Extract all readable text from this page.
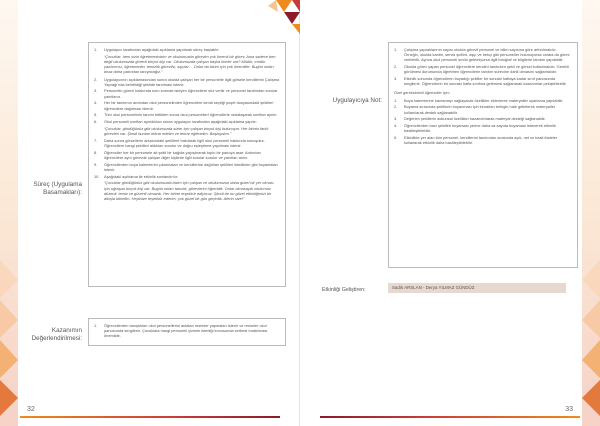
Süreç (Uygulama Basamakları):
1.	Uygulayıcı tarafından aşağıdaki açıklama yapılarak süreç başlatılır:

“Çocuklar, hem sizin öğretmeninizim ve okulumuzda görevim çok önemli bir görev. Ama sadece ben değil okulumuzda görevli birçok kişi var. Okulumuzda çalışan başka kimler var? Müdür, müdür yardımcısı, öğretmenler, temizlik görevlisi, aşçılar… Onlar da bizim için çok önemliler. Bugün onları biraz daha yakından tanıyacağız.”

2.	Uygulayıcının açıklamasından sonra okulda çalışan her bir personelle ilgili görsele kendilerini Çalışma Yaprağı'nda belirtildiği şekilde tanıtması istenir.
3.	Personelin görevi hakkında soru sormak isteyen öğrencilere söz verilir ve personel tarafından sorular yanıtlanır.
4.	Her bir tanıtımın ardından okul personelinden öğrencilere kendi seçtiği poşet dosyasındaki şekilleri öğrencilere dağıtması istenir.
5.	Tüm okul personelinin tanımı bittikten sonra okul personelleri öğrencilerle vedalaşarak sınıftan ayrılır.
6.	Okul personeli sınıftan ayrıldıktan sonra uygulayıcı tarafından aşağıdaki açıklama yapılır:

“Çocuklar, gördüğünüz gibi okulumuzda sizler için çalışan birçok kişi bulunuyor. Her birinin farklı görevleri var. Şimdi bunları tekrar edelim ve tekrar eğlenelim. Başlayalım.”

7.	Daha sonra görsellerin arkasındaki şekillere bakılarak ilgili okul personeli hakkında konuşulur. Öğrencilere hangi şekilleri aldıkları sorulur ve doğru eşleştirme yapılması istenir.
8.	Öğrenciler her bir personele ait şekli bir kağıda yapıştırarak toplu bir panoya asar. Ardından öğrencilere aynı görevde çalışan diğer kişilerle ilgili sorular sorulur ve yanıtları alınır.
9.	Öğrencilerden boya kalemlerini çıkarmaları ve kendilerine dağıtılan şekilleri istedikleri gibi boyamaları istenir.
10.	Aşağıdaki açıklama ile etkinlik sonlandırılır:

“Çocuklar gördüğünüz gibi okulumuzda bizim için çalışan ve okulumuzun daha güzel bir yer olması için uğraşan birçok kişi var. Bugün onları tanıdık, görevlerini öğrendik. Onlar olmasaydı okulumuz düzenli, temiz ve güvenli olmazdı. Her birine teşekkür ediyoruz. Şimdi de bu güzel etkinliğimizi bir alkışla bitirelim. Hepinize teşekkür ederim, çok güzel bir gün geçirdik. Aferin size!”

Kazanımın Değerlendirilmesi:
1.	Öğrencilerden tanıştıkları okul personellerini anlatan resimler yapmaları istenir ve resimler okul panosunda sergilenir. Çocuklara hangi personeli çizmek istediği konusunda serbest bırakılması önemlidir.
32
Uygulayıcıya Not:
1.	Çalışma yapraklarının sayısı okulda görevli personel ve bilim sayısına göre arttırılmalıdır. Örneğin, okulda kantin, servis şoförü, aşçı ve bekçi gibi personeller bulunuyorsa onlara da görev verilebilir. Ayrıca okul personeli sınıfa gelemiyorsa ilgili fotoğraf ve bilgilerle tanıtım yapılabilir.
2.	Okulda görev yapan personel öğrencilere kendini tanıtırken şekil ve görsel kullanmalıdır. Gerekli görülmesi durumunda öğretmen öğrencilerin tanıtım sürecine dahil olmasını sağlamalıdır.
3.	Etkinlik sonunda öğrencilerin boyadığı şekiller bir sonraki haftaya kadar sınıf panosunda sergilenir. Öğrencilerin bir sonraki hafta sınıfına getirmesi sağlanarak kazanımlar pekiştirilebilir.

Özel gereksinimli öğrenciler için;

1.	Boya kalemlerine kavramayı sağlayacak özellikler eklenerek materyaller uyarlama yapılabilir.
2.	Boyama sırasında şekillerin boyanması için kenarları belirgin hale getirilerek materyaller kullanılarak destek sağlanabilir.
3.	Değerlen şekillerin dokunsal özellikler kazandırılarak materyal desteği sağlanabilir.
4.	Öğrencilerden bazı şekilleri boyaması yerine daha az sayıda boyaması istenerek etkinlik basitleştirilebilir.
5.	Etkinlikte yer alan tüm personel, kendilerini tanıtımları sırasında açık, net ve basit ifadeler kullanarak etkinlik daha basitleştirilebilir.
Etkinliği Geliştiren:	Sadık ARSLAN - Derya YILMAZ GÜNDÜZ
33
